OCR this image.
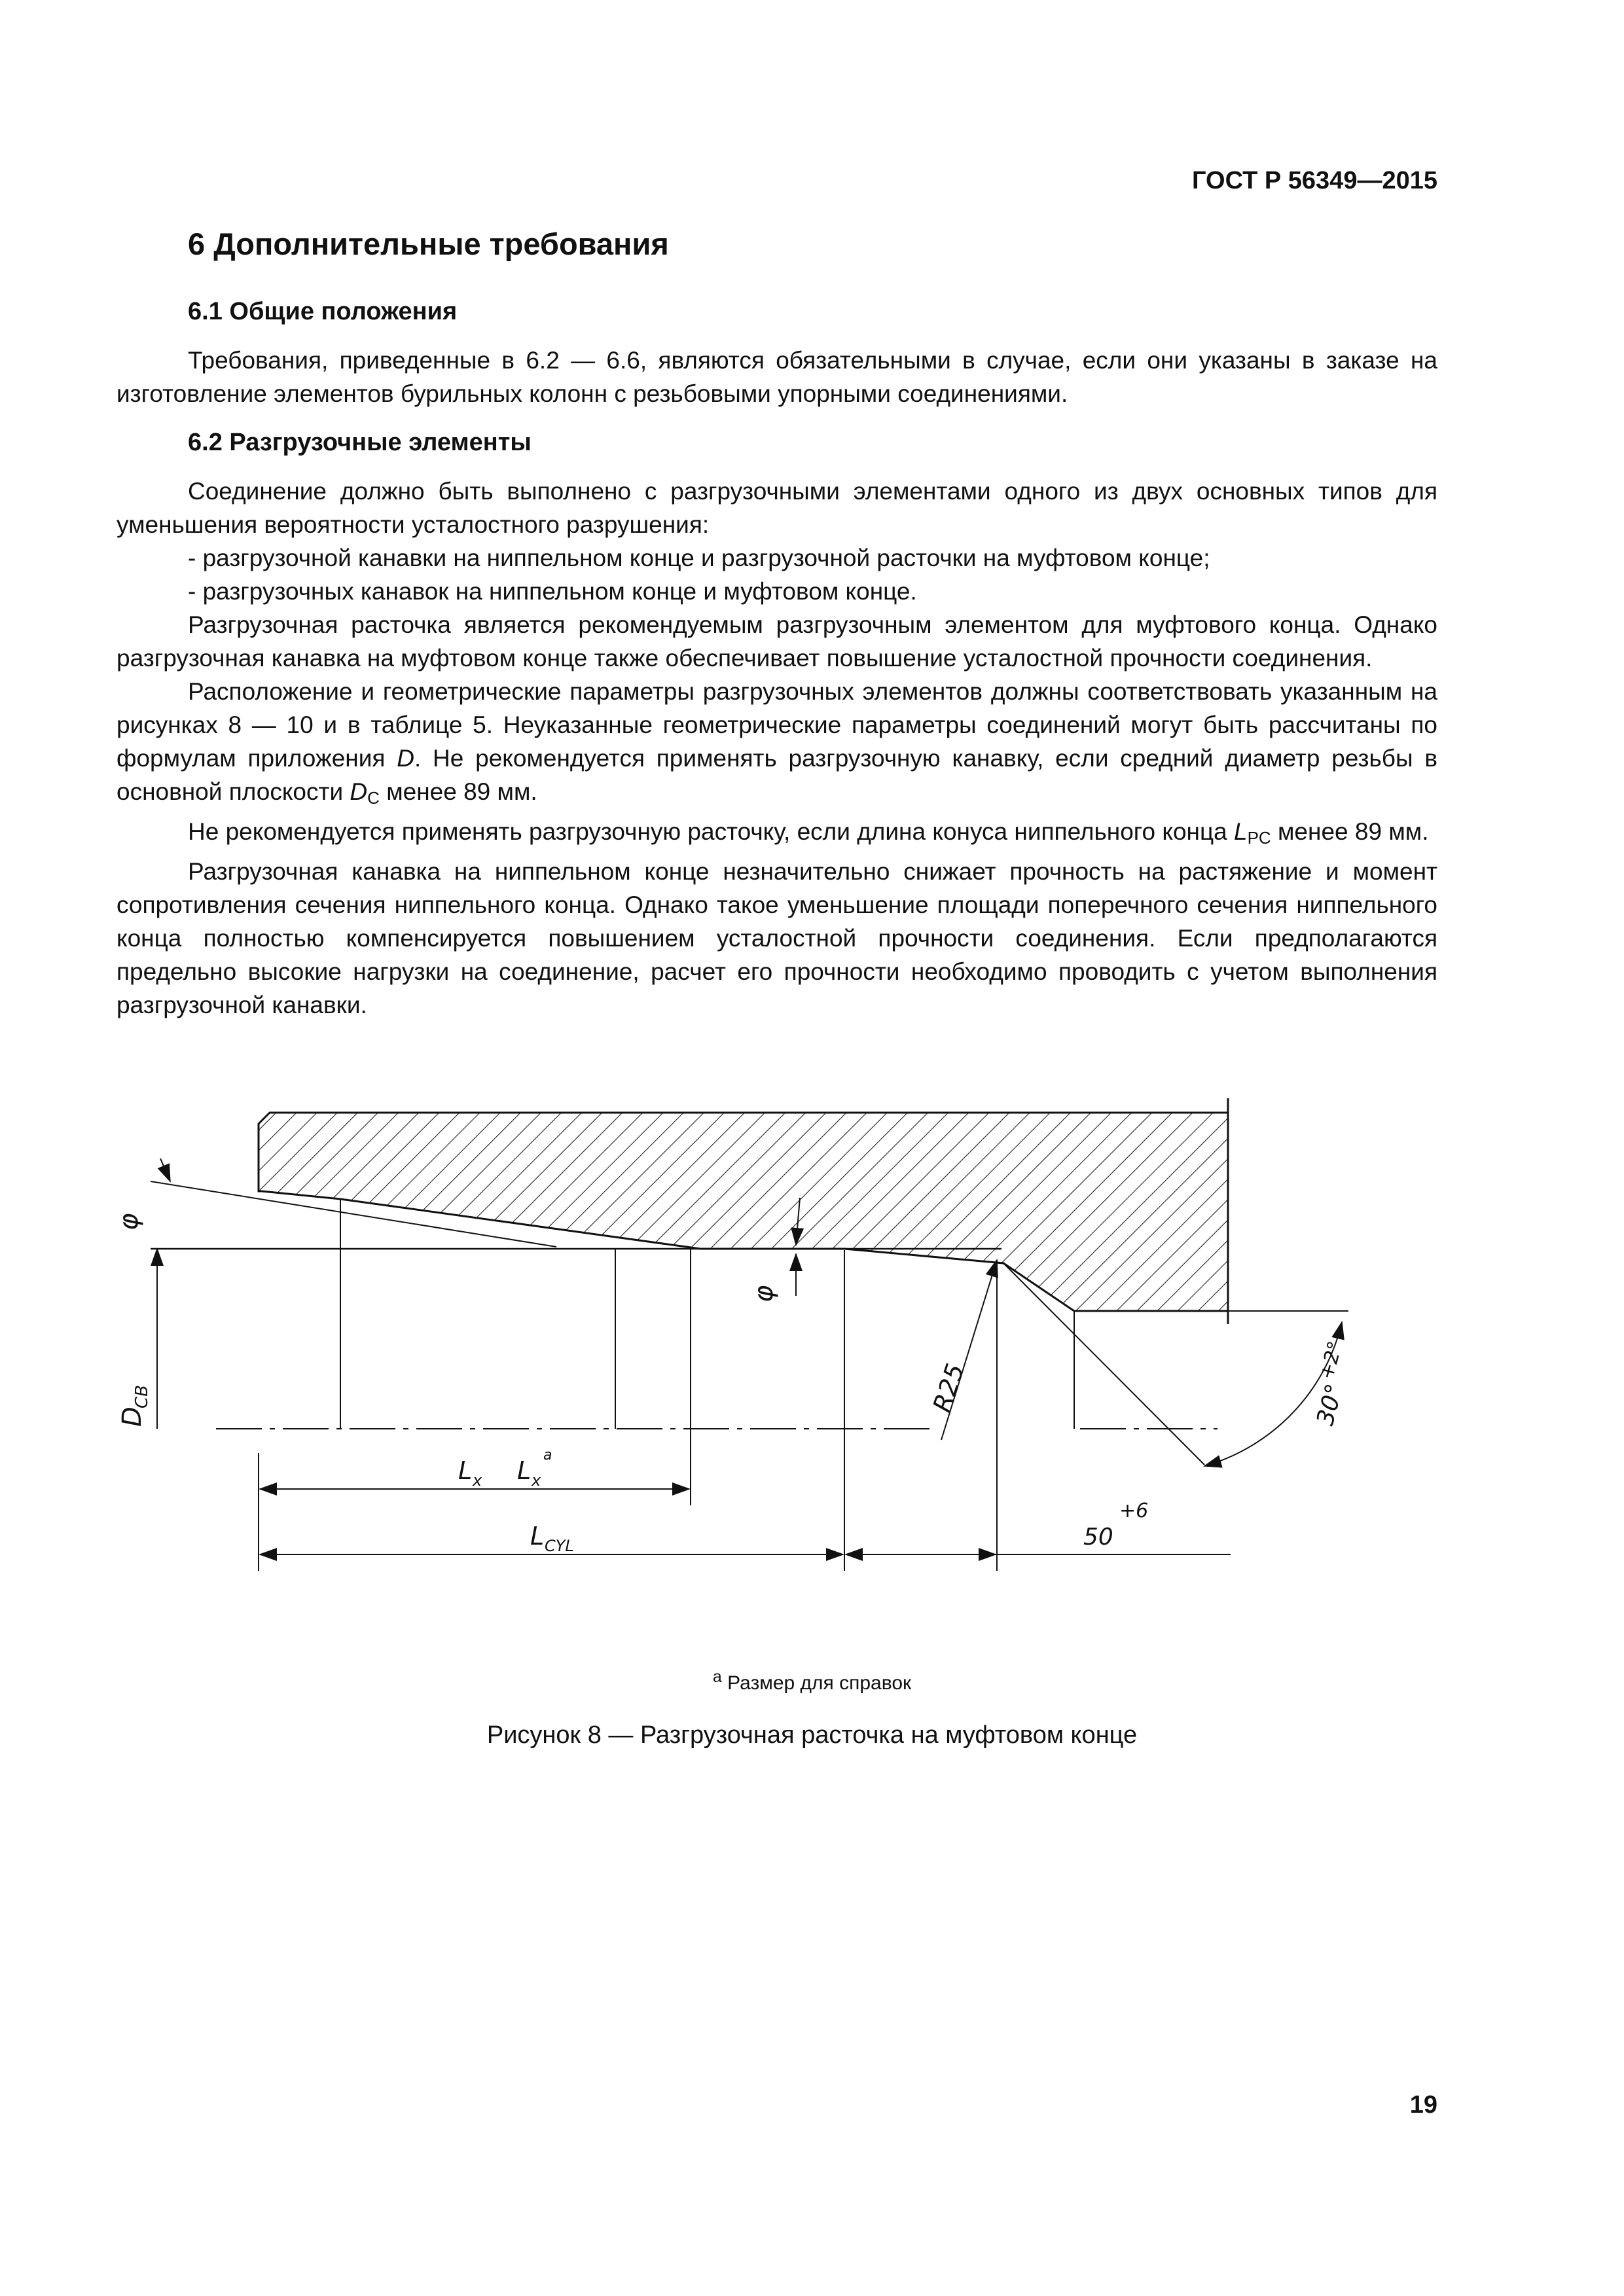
ГОСТ Р 56349—2015
6 Дополнительные требования
6.1 Общие положения

Требования, приведенные в 6.2 — 6.6, являются обязательными в случае, если они указаны в заказе на изготовление элементов бурильных колонн с резьбовыми упорными соединениями.

6.2 Разгрузочные элементы

Соединение должно быть выполнено с разгрузочными элементами одного из двух основных типов для уменьшения вероятности усталостного разрушения:

- разгрузочной канавки на ниппельном конце и разгрузочной расточки на муфтовом конце;

- разгрузочных канавок на ниппельном конце и муфтовом конце.

Разгрузочная расточка является рекомендуемым разгрузочным элементом для муфтового конца. Однако разгрузочная канавка на муфтовом конце также обеспечивает повышение усталостной прочности соединения.

Расположение и геометрические параметры разгрузочных элементов должны соответствовать указанным на рисунках 8 — 10 и в таблице 5. Неуказанные геометрические параметры соединений могут быть рассчитаны по формулам приложения D. Не рекомендуется применять разгрузочную канавку, если средний диаметр резьбы в основной плоскости $D_C$ менее 89 мм.

Не рекомендуется применять разгрузочную расточку, если длина конуса ниппельного конца $L_{PC}$ менее 89 мм.

Разгрузочная канавка на ниппельном конце незначительно снижает прочность на растяжение и момент сопротивления сечения ниппельного конца. Однако такое уменьшение площади поперечного сечения ниппельного конца полностью компенсируется повышением усталостной прочности соединения. Если предполагаются предельно высокие нагрузки на соединение, расчет его прочности необходимо проводить с учетом выполнения разгрузочной канавки.

φ
φ
D
CB	R25	30°
+2°
L x L x
a
L CYL	50
+6
$^a$ Размер для справок
Рисунок 8 — Разгрузочная расточка на муфтовом конце
19
